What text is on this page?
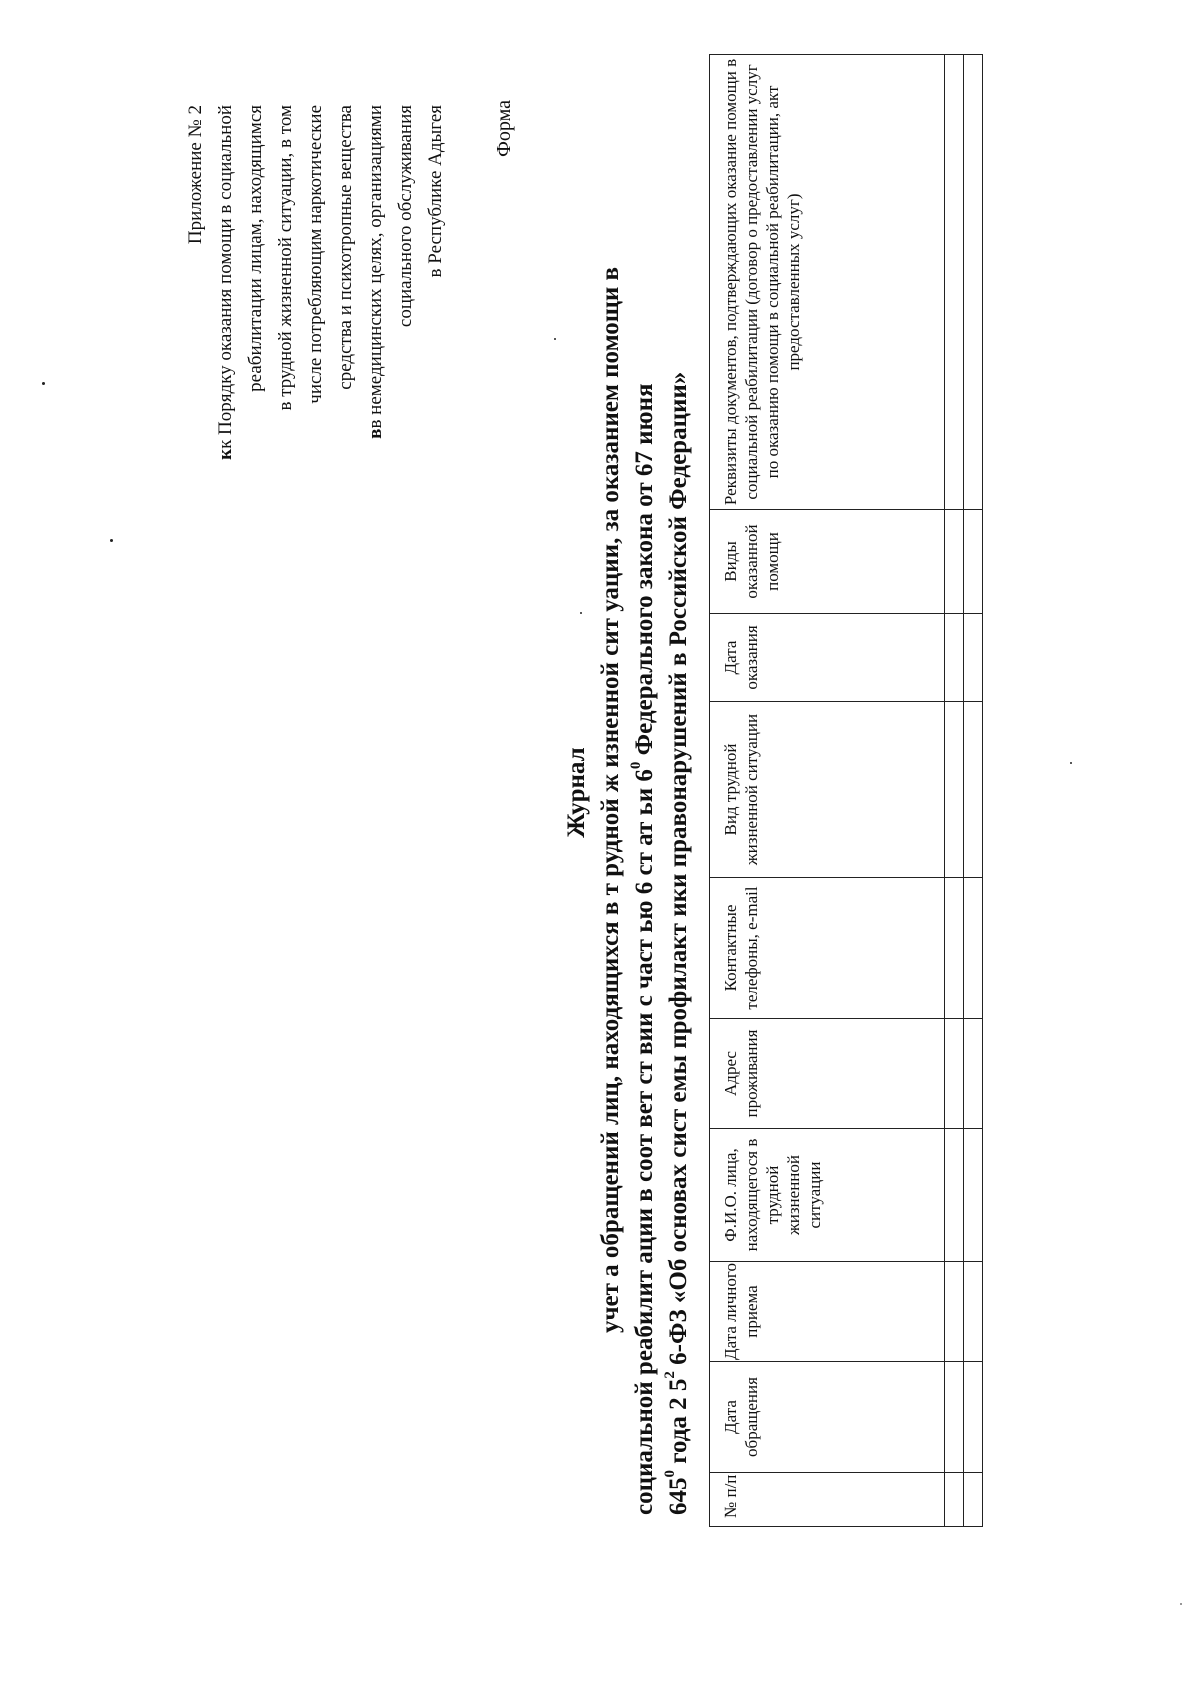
Приложение № 2
кк Порядку оказания помощи в социальной реабилитации лицам, находящимся в трудной жизненной ситуации, в том числе потребляющим наркотические средства и психотропные вещества
вв немедицинских целях, организациями социального обслуживания в Республике Адыгея Форма
Журнал учет а обращений лиц, находящихся в т рудной ж изненной сит уации, за оказанием помощи в социальной реабилит ации в соот вет ст вии с част ью 6 ст ат ьи $6^0$ Федерального закона от 67 июня
$645^0$ года 2 $5^2$ 6-ФЗ «Об основах сист емы профилакт ики правонарушений в Российской Федерации»
№ п/п	Дата обращения	Дата личного приема	Ф.И.О. лица, находящегося в трудной жизненной ситуации	Адрес проживания	Контактные телефоны, e-mail	Вид трудной жизненной ситуации	Дата оказания	Виды оказанной помощи	Реквизиты документов, подтверждающих оказание помощи в социальной реабилитации (договор о предоставлении услуг по оказанию помощи в социальной реабилитации, акт предоставленных услуг)
